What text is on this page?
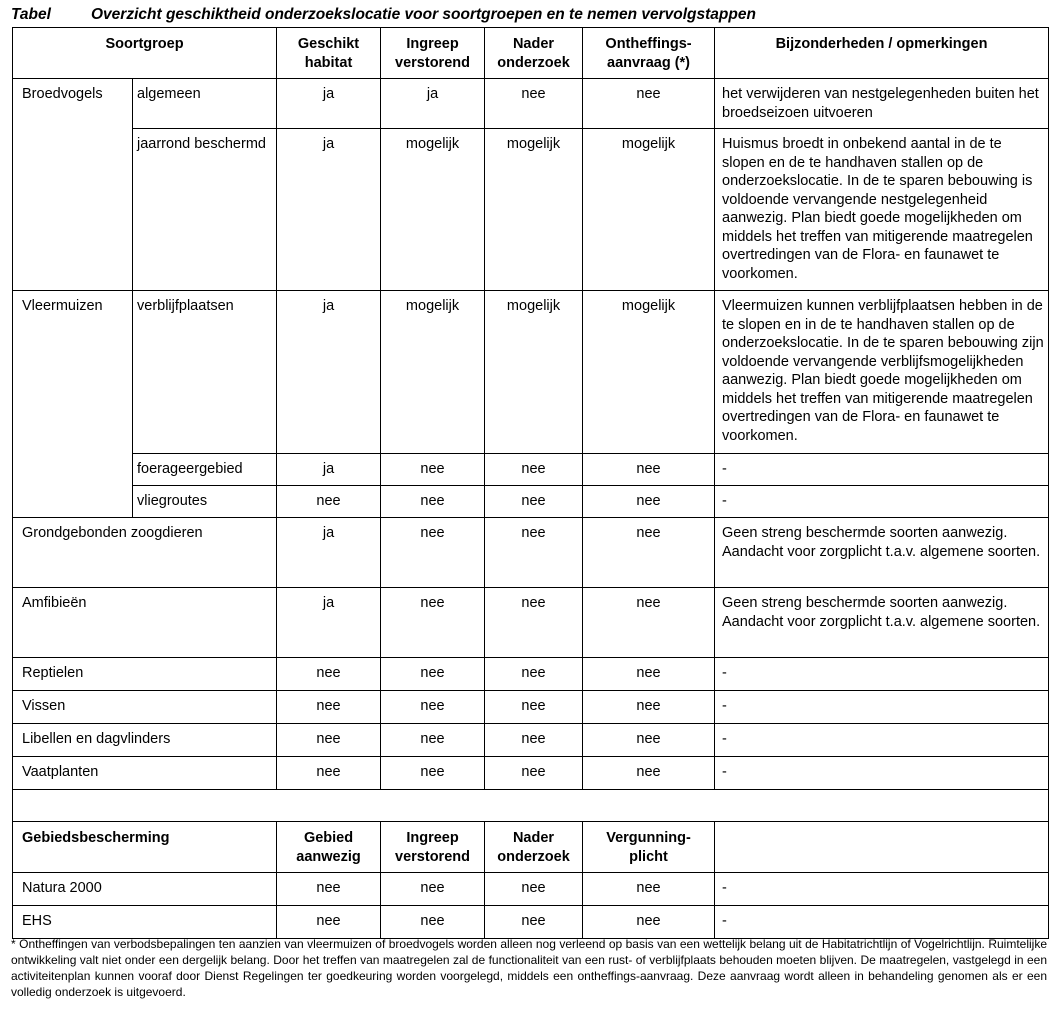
Tabel	Overzicht geschiktheid onderzoekslocatie voor soortgroepen en te nemen vervolgstappen
Soortgroep		Geschikt habitat	Ingreep verstorend	Nader onderzoek	Ontheffings-aanvraag (*)	Bijzonderheden / opmerkingen
Broedvogels	algemeen	ja	ja	nee	nee	het verwijderen van nestgelegenheden buiten het broedseizoen uitvoeren
	jaarrond beschermd	ja	mogelijk	mogelijk	mogelijk	Huismus broedt in onbekend aantal in de te slopen en de te handhaven stallen op de onderzoekslocatie. In de te sparen bebouwing is voldoende vervangende nestgelegenheid aanwezig. Plan biedt goede mogelijkheden om middels het treffen van mitigerende maatregelen overtredingen van de Flora- en faunawet te voorkomen.
Vleermuizen	verblijfplaatsen	ja	mogelijk	mogelijk	mogelijk	Vleermuizen kunnen verblijfplaatsen hebben in de te slopen en in de te handhaven stallen op de onderzoekslocatie. In de te sparen bebouwing zijn voldoende vervangende verblijfsmogelijkheden aanwezig. Plan biedt goede mogelijkheden om middels het treffen van mitigerende maatregelen overtredingen van de Flora- en faunawet te voorkomen.
	foerageergebied	ja	nee	nee	nee	-
	vliegroutes	nee	nee	nee	nee	-
Grondgebonden zoogdieren		ja	nee	nee	nee	Geen streng beschermde soorten aanwezig. Aandacht voor zorgplicht t.a.v. algemene soorten.
Amfibieën		ja	nee	nee	nee	Geen streng beschermde soorten aanwezig. Aandacht voor zorgplicht t.a.v. algemene soorten.
Reptielen		nee	nee	nee	nee	-
Vissen		nee	nee	nee	nee	-
Libellen en dagvlinders		nee	nee	nee	nee	-
Vaatplanten		nee	nee	nee	nee	-

Gebiedsbescherming		Gebied aanwezig	Ingreep verstorend	Nader onderzoek	Vergunning-plicht	
Natura 2000		nee	nee	nee	nee	-
EHS		nee	nee	nee	nee	-
* Ontheffingen van verbodsbepalingen ten aanzien van vleermuizen of broedvogels worden alleen nog verleend op basis van een wettelijk belang uit de Habitatrichtlijn of Vogelrichtlijn. Ruimtelijke ontwikkeling valt niet onder een dergelijk belang. Door het treffen van maatregelen zal de functionaliteit van een rust- of verblijfplaats behouden moeten blijven. De maatregelen, vastgelegd in een activiteitenplan kunnen vooraf door Dienst Regelingen ter goedkeuring worden voorgelegd, middels een ontheffings-aanvraag. Deze aanvraag wordt alleen in behandeling genomen als er een volledig onderzoek is uitgevoerd.
